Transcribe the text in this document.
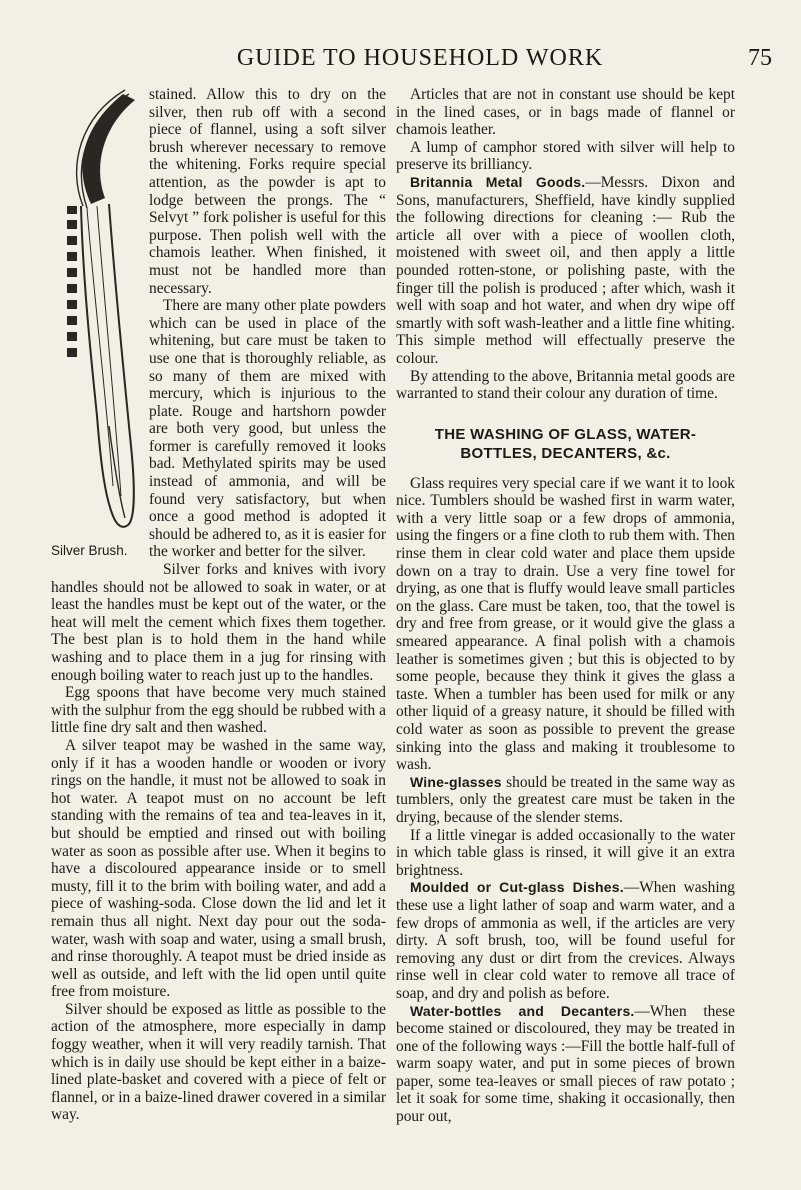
GUIDE TO HOUSEHOLD WORK	75
Silver Brush.

stained. Allow this to dry on the silver, then rub off with a second piece of flannel, using a soft silver brush wherever necessary to remove the whitening. Forks require special attention, as the powder is apt to lodge between the prongs. The “ Selvyt ” fork polisher is useful for this purpose. Then polish well with the chamois leather. When finished, it must not be handled more than necessary.

There are many other plate powders which can be used in place of the whitening, but care must be taken to use one that is thoroughly reliable, as so many of them are mixed with mercury, which is injurious to the plate. Rouge and hartshorn powder are both very good, but unless the former is carefully removed it looks bad. Methylated spirits may be used instead of ammonia, and will be found very satisfactory, but when once a good method is adopted it should be adhered to, as it is easier for the worker and better for the silver.

Silver forks and knives with ivory handles should not be allowed to soak in water, or at least the handles must be kept out of the water, or the heat will melt the cement which fixes them together. The best plan is to hold them in the hand while washing and to place them in a jug for rinsing with enough boiling water to reach just up to the handles.

Egg spoons that have become very much stained with the sulphur from the egg should be rubbed with a little fine dry salt and then washed.

A silver teapot may be washed in the same way, only if it has a wooden handle or wooden or ivory rings on the handle, it must not be allowed to soak in hot water. A teapot must on no account be left standing with the remains of tea and tea-leaves in it, but should be emptied and rinsed out with boiling water as soon as possible after use. When it begins to have a discoloured appearance inside or to smell musty, fill it to the brim with boiling water, and add a piece of washing-soda. Close down the lid and let it remain thus all night. Next day pour out the soda-water, wash with soap and water, using a small brush, and rinse thoroughly. A teapot must be dried inside as well as outside, and left with the lid open until quite free from moisture.

Silver should be exposed as little as possible to the action of the atmosphere, more especially in damp foggy weather, when it will very readily tarnish. That which is in daily use should be kept either in a baize-lined plate-basket and covered with a piece of felt or flannel, or in a baize-lined drawer covered in a similar way.

Articles that are not in constant use should be kept in the lined cases, or in bags made of flannel or chamois leather.

A lump of camphor stored with silver will help to preserve its brilliancy.

Britannia Metal Goods.—Messrs. Dixon and Sons, manufacturers, Sheffield, have kindly supplied the following directions for cleaning :— Rub the article all over with a piece of woollen cloth, moistened with sweet oil, and then apply a little pounded rotten-stone, or polishing paste, with the finger till the polish is produced ; after which, wash it well with soap and hot water, and when dry wipe off smartly with soft wash-leather and a little fine whiting. This simple method will effectually preserve the colour.

By attending to the above, Britannia metal goods are warranted to stand their colour any duration of time.

THE WASHING OF GLASS, WATER-
BOTTLES, DECANTERS, &c.

Glass requires very special care if we want it to look nice. Tumblers should be washed first in warm water, with a very little soap or a few drops of ammonia, using the fingers or a fine cloth to rub them with. Then rinse them in clear cold water and place them upside down on a tray to drain. Use a very fine towel for drying, as one that is fluffy would leave small particles on the glass. Care must be taken, too, that the towel is dry and free from grease, or it would give the glass a smeared appearance. A final polish with a chamois leather is sometimes given ; but this is objected to by some people, because they think it gives the glass a taste. When a tumbler has been used for milk or any other liquid of a greasy nature, it should be filled with cold water as soon as possible to prevent the grease sinking into the glass and making it troublesome to wash.

Wine-glasses should be treated in the same way as tumblers, only the greatest care must be taken in the drying, because of the slender stems.

If a little vinegar is added occasionally to the water in which table glass is rinsed, it will give it an extra brightness.

Moulded or Cut-glass Dishes.—When washing these use a light lather of soap and warm water, and a few drops of ammonia as well, if the articles are very dirty. A soft brush, too, will be found useful for removing any dust or dirt from the crevices. Always rinse well in clear cold water to remove all trace of soap, and dry and polish as before.

Water-bottles and Decanters.—When these become stained or discoloured, they may be treated in one of the following ways :—Fill the bottle half-full of warm soapy water, and put in some pieces of brown paper, some tea-leaves or small pieces of raw potato ; let it soak for some time, shaking it occasionally, then pour out,
